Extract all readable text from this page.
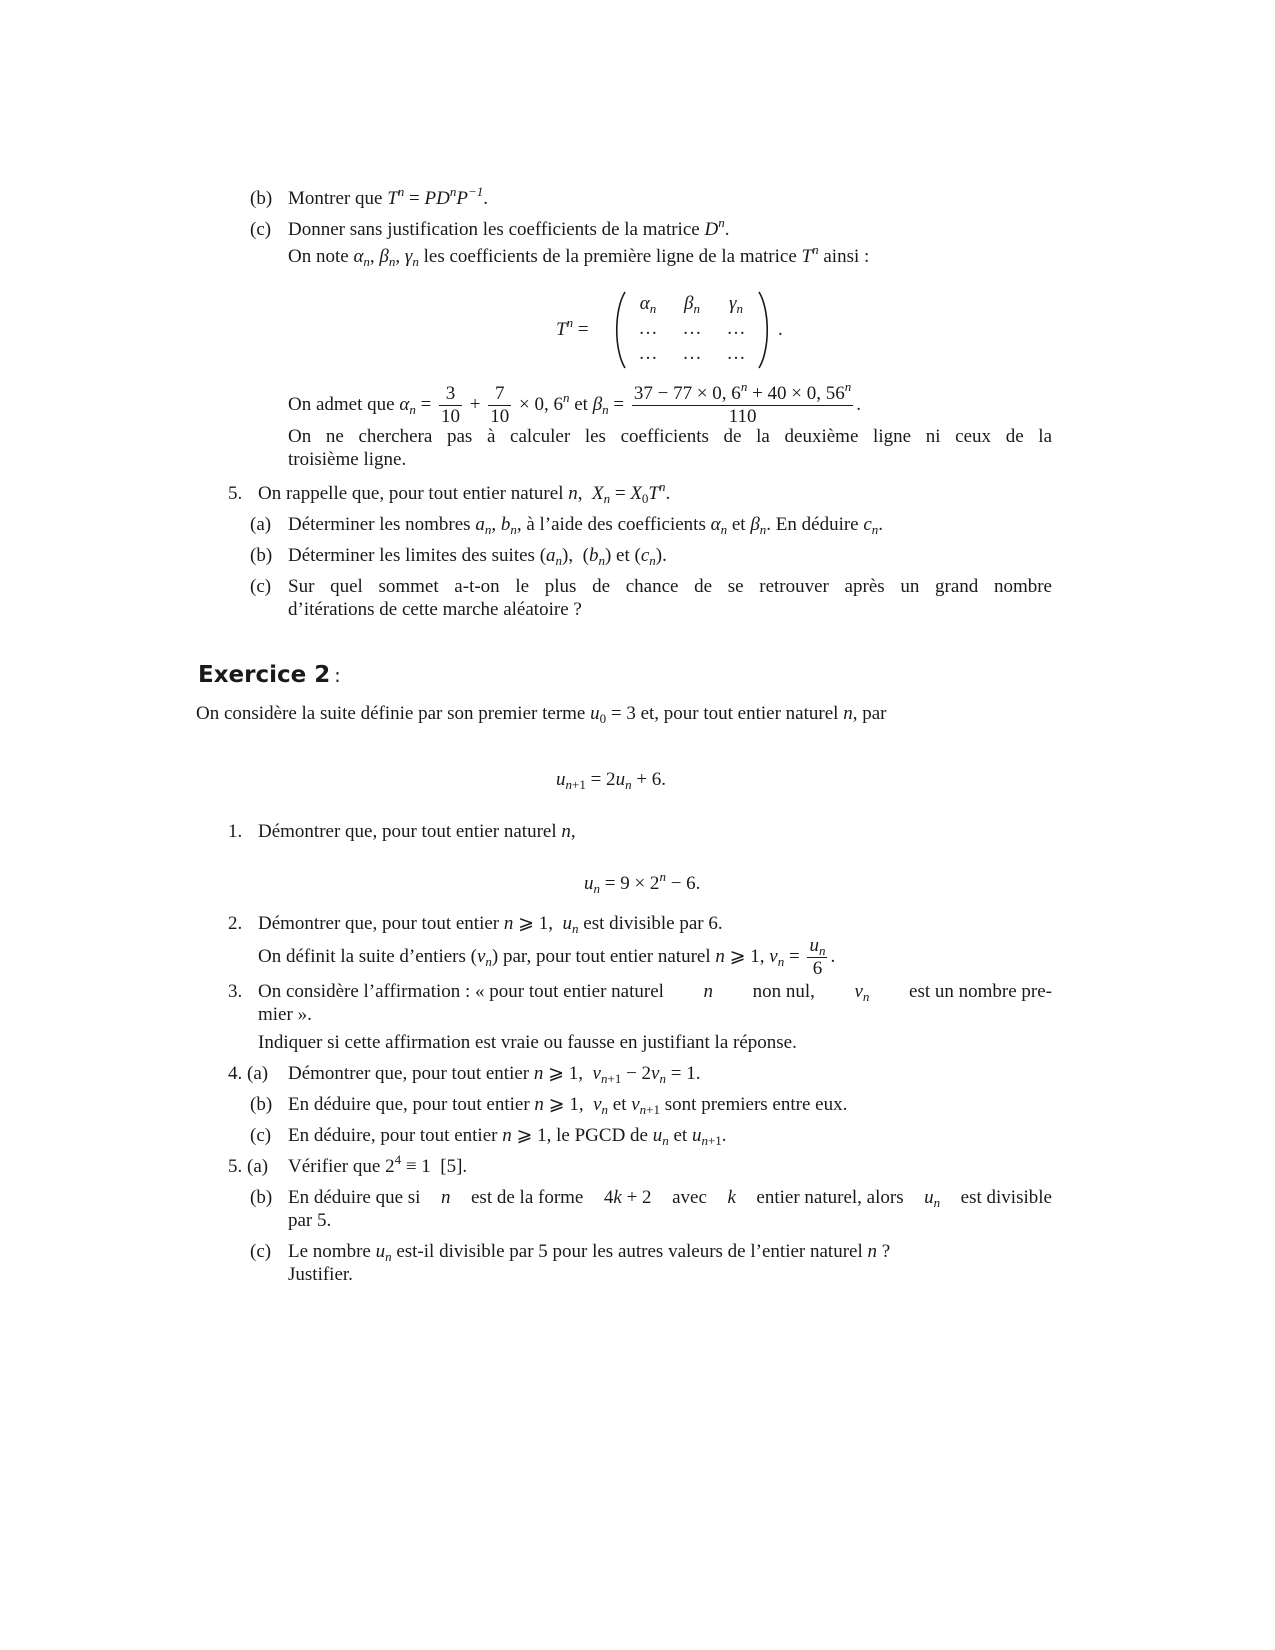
(b) Montrer que $T^n = PD^nP^{-1}$.
(c) Donner sans justification les coefficients de la matrice $D^n$.
On note $\alpha_n$, $\beta_n$, $\gamma_n$ les coefficients de la première ligne de la matrice $T^n$ ainsi :
$T^n$ =
$\alpha_n$	$\beta_n$	$\gamma_n$
…	…	…
…	…	…
.
On admet que $\alpha_n = \frac{3}{10} + \frac{7}{10} \times 0$, 6$^n$ et $\beta_n = \frac{37 - 77 \times 0, 6^n + 40 \times 0, 56^n}{110}$ .
On ne cherchera pas à calculer les coefficients de la deuxième ligne ni ceux de la
troisième ligne.
5. On rappelle que, pour tout entier naturel n,  $X_n = X_0T^n$.
(a) Déterminer les nombres $a_n$, $b_n$, à l’aide des coefficients $\alpha_n$ et $\beta_n$. En déduire $c_n$.
(b) Déterminer les limites des suites $(a_n)$,  $(b_n)$ et $(c_n)$.
(c) Sur quel sommet a-t-on le plus de chance de se retrouver après un grand nombre
d’itérations de cette marche aléatoire ?
Exercice 2 :
On considère la suite définie par son premier terme $u_0 = 3$ et, pour tout entier naturel n, par
$u_{n+1} = 2u_n + 6$.
1. Démontrer que, pour tout entier naturel n,
$u_n = 9 \times 2^n - 6$.
2. Démontrer que, pour tout entier n ⩾ 1,  $u_n$ est divisible par 6.
On définit la suite d’entiers $(v_n)$ par, pour tout entier naturel n ⩾ 1, $v_n = \frac{u_n}{6}$ .
3. On considère l’affirmation : « pour tout entier naturel n non nul, $v_n$ est un nombre pre-
mier ».
Indiquer si cette affirmation est vraie ou fausse en justifiant la réponse.
4. (a) Démontrer que, pour tout entier n ⩾ 1,  $v_{n+1} - 2v_n = 1$.
(b) En déduire que, pour tout entier n ⩾ 1,  $v_n$ et $v_{n+1}$ sont premiers entre eux.
(c) En déduire, pour tout entier n ⩾ 1, le PGCD de $u_n$ et $u_{n+1}$.
5. (a) Vérifier que $2^4 \equiv 1$  [5].
(b) En déduire que si n est de la forme 4k + 2 avec k entier naturel, alors $u_n$ est divisible
par 5.
(c) Le nombre $u_n$ est-il divisible par 5 pour les autres valeurs de l’entier naturel n ?
Justifier.
